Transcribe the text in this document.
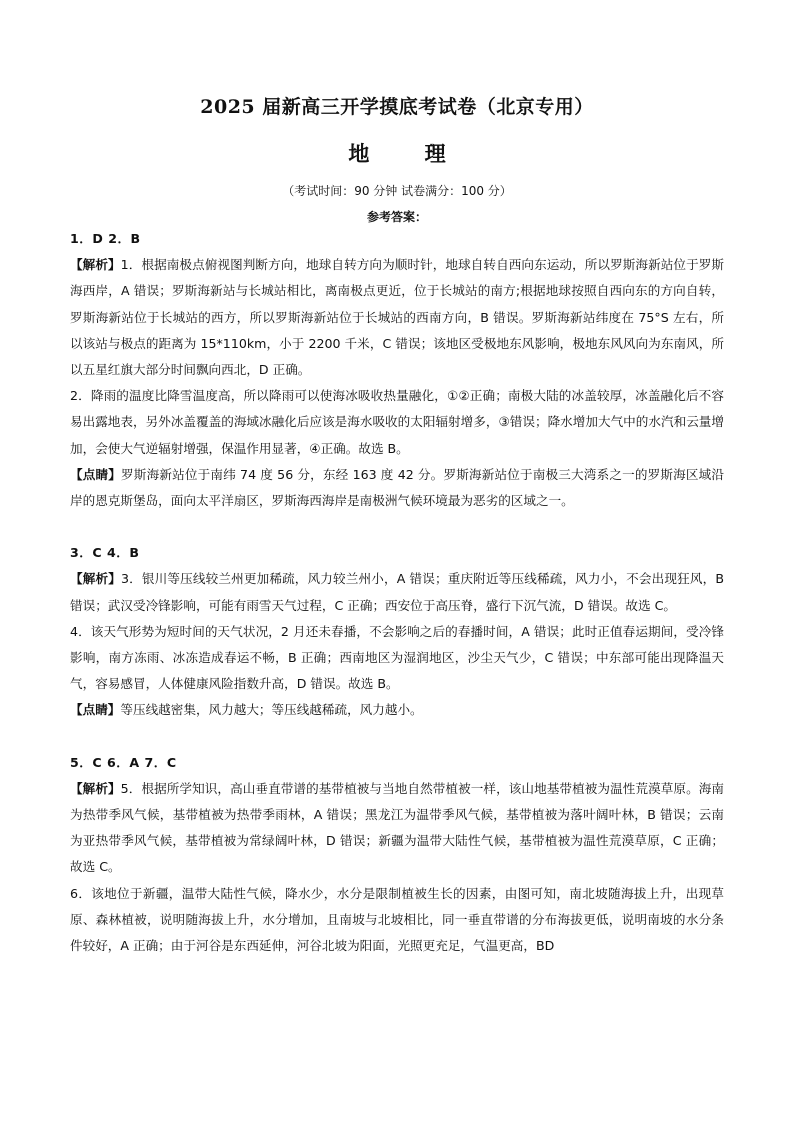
2025 届新高三开学摸底考试卷（北京专用）
地 理
（考试时间：90 分钟 试卷满分：100 分）
参考答案：

1．D 2．B

【解析】1．根据南极点俯视图判断方向，地球自转方向为顺时针，地球自转自西向东运动，所以罗斯海新站位于罗斯海西岸，A 错误；罗斯海新站与长城站相比，离南极点更近，位于长城站的南方;根据地球按照自西向东的方向自转，罗斯海新站位于长城站的西方，所以罗斯海新站位于长城站的西南方向，B 错误。罗斯海新站纬度在 75°S 左右，所以该站与极点的距离为 15*110km，小于 2200 千米，C 错误；该地区受极地东风影响，极地东风风向为东南风，所以五星红旗大部分时间飘向西北，D 正确。

2．降雨的温度比降雪温度高，所以降雨可以使海冰吸收热量融化，①②正确；南极大陆的冰盖较厚，冰盖融化后不容易出露地表，另外冰盖覆盖的海域冰融化后应该是海水吸收的太阳辐射增多，③错误；降水增加大气中的水汽和云量增加，会使大气逆辐射增强，保温作用显著，④正确。故选 B。

【点睛】罗斯海新站位于南纬 74 度 56 分，东经 163 度 42 分。罗斯海新站位于南极三大湾系之一的罗斯海区域沿岸的恩克斯堡岛，面向太平洋扇区，罗斯海西海岸是南极洲气候环境最为恶劣的区域之一。

3．C 4．B

【解析】3．银川等压线较兰州更加稀疏，风力较兰州小，A 错误；重庆附近等压线稀疏，风力小，不会出现狂风，B 错误；武汉受冷锋影响，可能有雨雪天气过程，C 正确；西安位于高压脊，盛行下沉气流，D 错误。故选 C。

4．该天气形势为短时间的天气状况，2 月还未春播，不会影响之后的春播时间，A 错误；此时正值春运期间，受冷锋影响，南方冻雨、冰冻造成春运不畅，B 正确；西南地区为湿润地区，沙尘天气少，C 错误；中东部可能出现降温天气，容易感冒，人体健康风险指数升高，D 错误。故选 B。

【点睛】等压线越密集，风力越大；等压线越稀疏，风力越小。

5．C 6．A 7．C

【解析】5．根据所学知识，高山垂直带谱的基带植被与当地自然带植被一样，该山地基带植被为温性荒漠草原。海南为热带季风气候，基带植被为热带季雨林，A 错误；黑龙江为温带季风气候，基带植被为落叶阔叶林，B 错误；云南为亚热带季风气候，基带植被为常绿阔叶林，D 错误；新疆为温带大陆性气候，基带植被为温性荒漠草原，C 正确；故选 C。

6．该地位于新疆，温带大陆性气候，降水少，水分是限制植被生长的因素，由图可知，南北坡随海拔上升，出现草原、森林植被，说明随海拔上升，水分增加，且南坡与北坡相比，同一垂直带谱的分布海拔更低，说明南坡的水分条件较好，A 正确；由于河谷是东西延伸，河谷北坡为阳面，光照更充足，气温更高，BD
